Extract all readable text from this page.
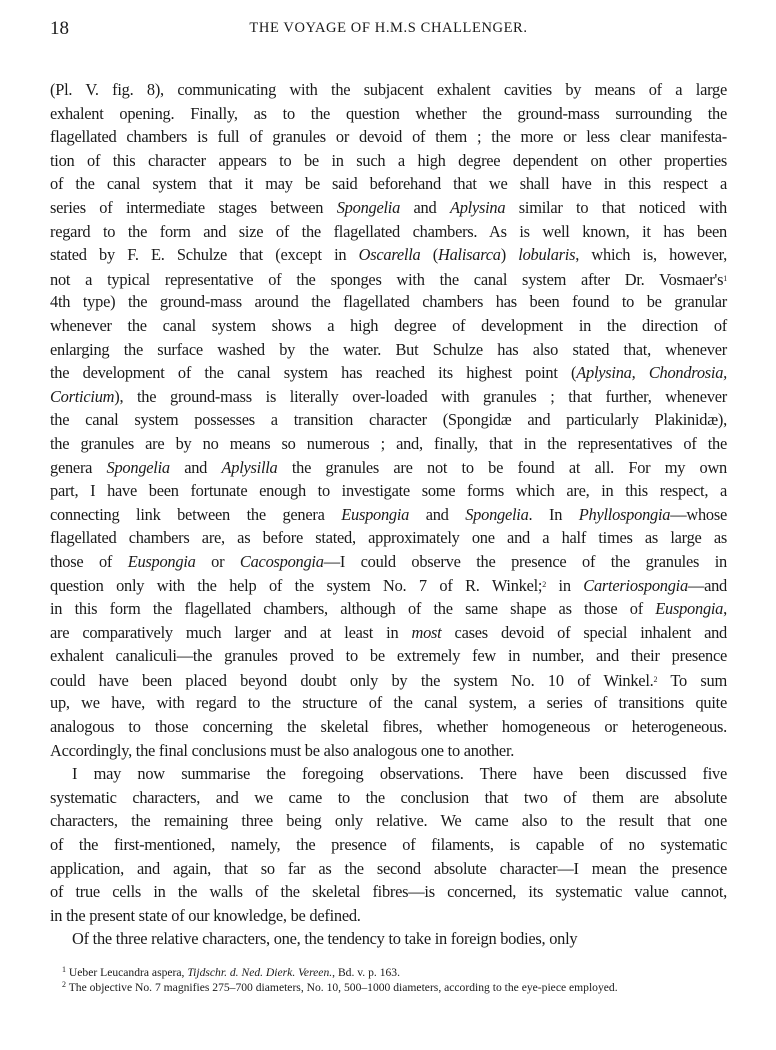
18	THE VOYAGE OF H.M.S CHALLENGER.
(Pl. V. fig. 8), communicating with the subjacent exhalent cavities by means of a large
exhalent opening. Finally, as to the question whether the ground-mass surrounding the
flagellated chambers is full of granules or devoid of them ; the more or less clear manifesta-
tion of this character appears to be in such a high degree dependent on other properties
of the canal system that it may be said beforehand that we shall have in this respect a
series of intermediate stages between Spongelia and Aplysina similar to that noticed with
regard to the form and size of the flagellated chambers. As is well known, it has been
stated by F. E. Schulze that (except in Oscarella (Halisarca) lobularis, which is, however,
not a typical representative of the sponges with the canal system after Dr. $Vosmaer's^1$
4th type) the ground-mass around the flagellated chambers has been found to be granular
whenever the canal system shows a high degree of development in the direction of
enlarging the surface washed by the water. But Schulze has also stated that, whenever
the development of the canal system has reached its highest point (Aplysina, Chondrosia,
Corticium), the ground-mass is literally over-loaded with granules ; that further, whenever
the canal system possesses a transition character (Spongidæ and particularly Plakinidæ),
the granules are by no means so numerous ; and, finally, that in the representatives of the
genera Spongelia and Aplysilla the granules are not to be found at all. For my own
part, I have been fortunate enough to investigate some forms which are, in this respect, a
connecting link between the genera Euspongia and Spongelia. In Phyllospongia—whose
flagellated chambers are, as before stated, approximately one and a half times as large as
those of Euspongia or Cacospongia—I could observe the presence of the granules in
question only with the help of the system No. 7 of R. Winkel;$^2$ in Carteriospongia—and
in this form the flagellated chambers, although of the same shape as those of Euspongia,
are comparatively much larger and at least in most cases devoid of special inhalent and
exhalent canaliculi—the granules proved to be extremely few in number, and their presence
could have been placed beyond doubt only by the system No. 10 of Winkel.$^2$ To sum
up, we have, with regard to the structure of the canal system, a series of transitions quite
analogous to those concerning the skeletal fibres, whether homogeneous or heterogeneous.
Accordingly, the final conclusions must be also analogous one to another.
I may now summarise the foregoing observations. There have been discussed five
systematic characters, and we came to the conclusion that two of them are absolute
characters, the remaining three being only relative. We came also to the result that one
of the first-mentioned, namely, the presence of filaments, is capable of no systematic
application, and again, that so far as the second absolute character—I mean the presence
of true cells in the walls of the skeletal fibres—is concerned, its systematic value cannot,
in the present state of our knowledge, be defined.
Of the three relative characters, one, the tendency to take in foreign bodies, only
$^1$ Ueber Leucandra aspera, Tijdschr. d. Ned. Dierk. Vereen., Bd. v. p. 163.
$^2$ The objective No. 7 magnifies 275–700 diameters, No. 10, 500–1000 diameters, according to the eye-piece employed.
